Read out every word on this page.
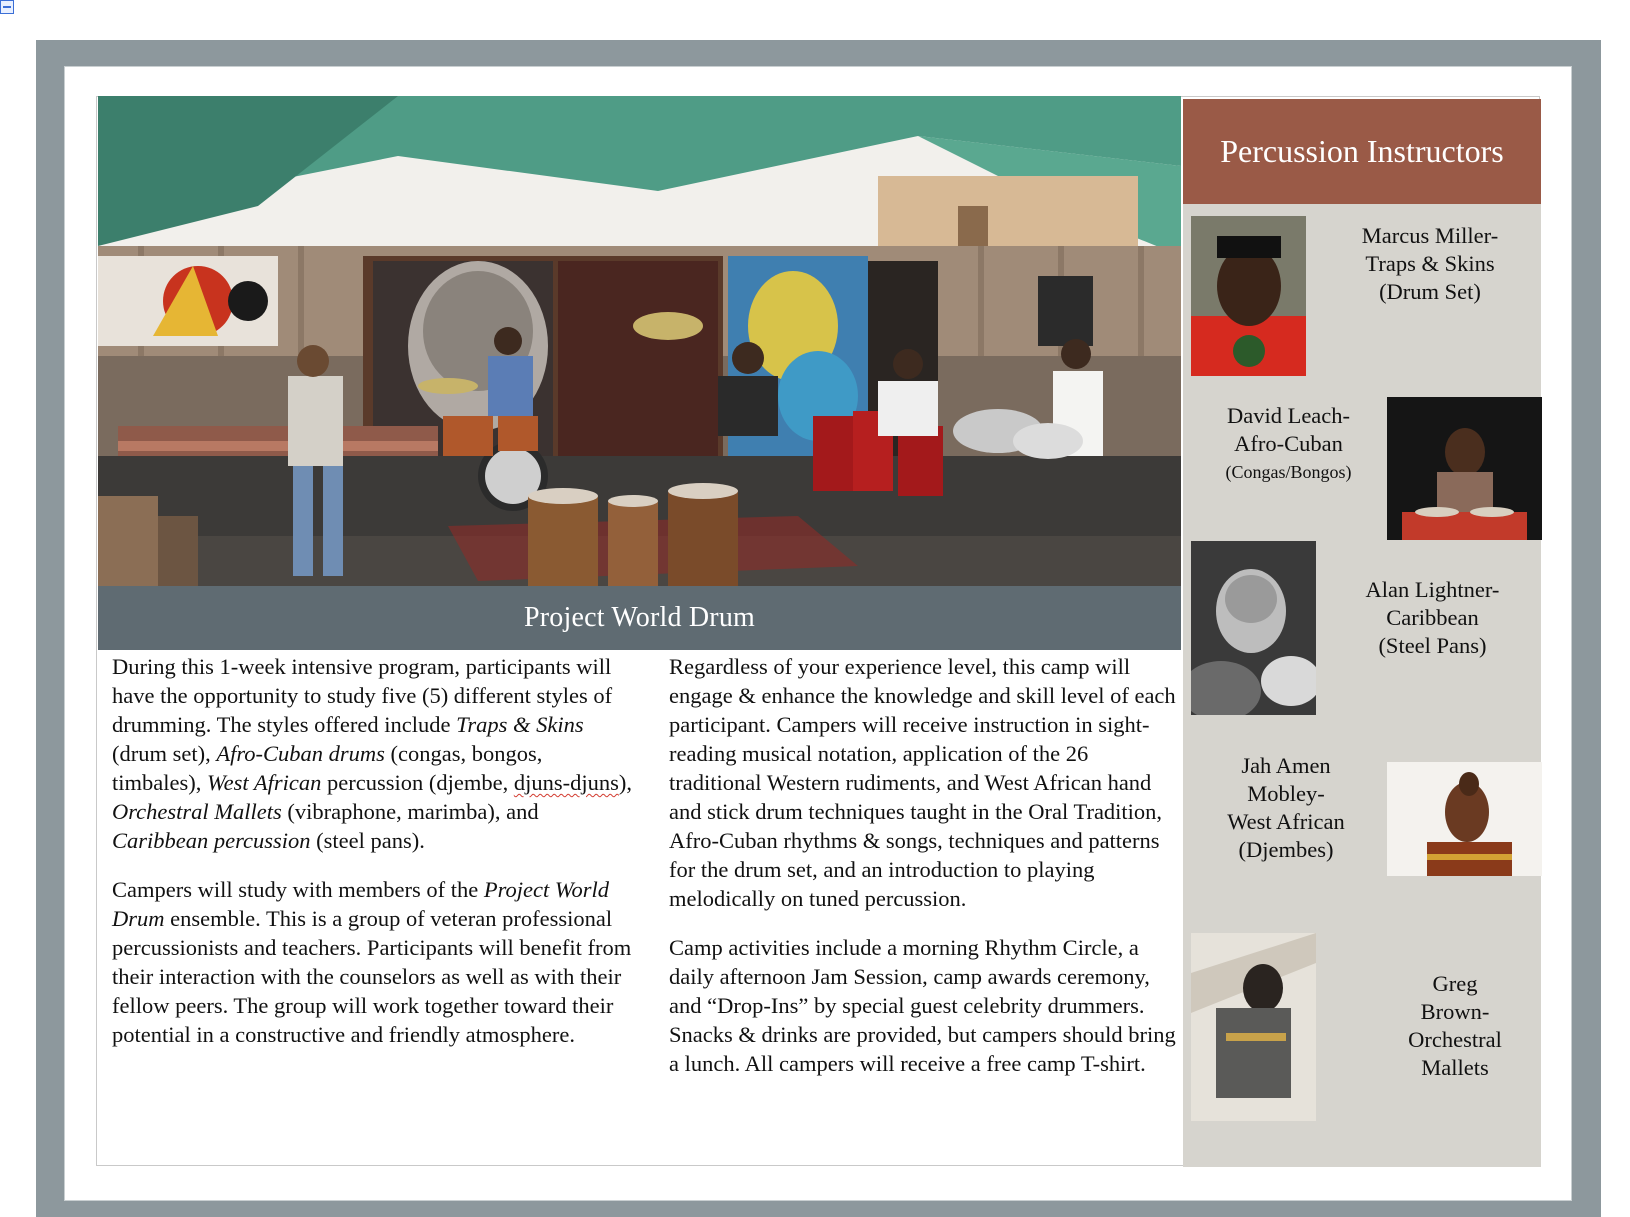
Project World Drum

During this 1-week intensive program, participants will have the opportunity to study five (5) different styles of drumming. The styles offered include Traps & Skins (drum set), Afro-Cuban drums (congas, bongos, timbales), West African percussion (djembe, djuns-djuns), Orchestral Mallets (vibraphone, marimba), and Caribbean percussion (steel pans).

Campers will study with members of the Project World Drum ensemble. This is a group of veteran professional percussionists and teachers. Participants will benefit from their interaction with the counselors as well as with their fellow peers. The group will work together toward their potential in a constructive and friendly atmosphere.

Regardless of your experience level, this camp will engage & enhance the knowledge and skill level of each participant. Campers will receive instruction in sight-reading musical notation, application of the 26 traditional Western rudiments, and West African hand and stick drum techniques taught in the Oral Tradition, Afro-Cuban rhythms & songs, techniques and patterns for the drum set, and an introduction to playing melodically on tuned percussion.

Camp activities include a morning Rhythm Circle, a daily afternoon Jam Session, camp awards ceremony, and “Drop-Ins” by special guest celebrity drummers. Snacks & drinks are provided, but campers should bring a lunch. All campers will receive a free camp T-shirt.

Percussion Instructors
Marcus Miller-
Traps & Skins
(Drum Set)
David Leach-
Afro-Cuban
(Congas/Bongos)
Alan Lightner-
Caribbean
(Steel Pans)
Jah Amen
Mobley-
West African
(Djembes)
Greg
Brown-
Orchestral
Mallets
